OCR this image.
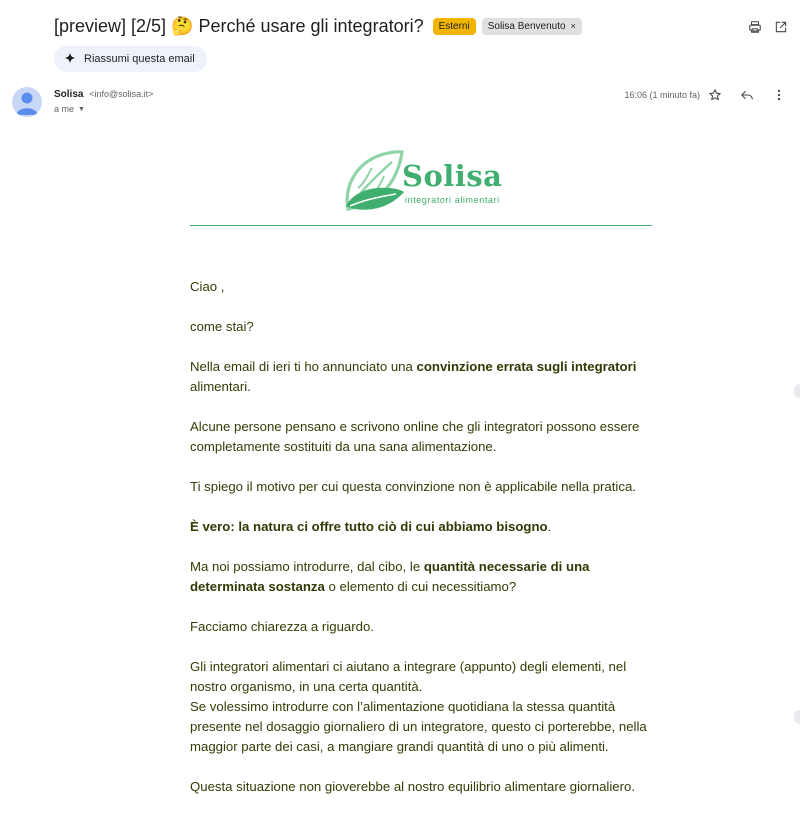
[preview] [2/5] 🤔 Perché usare gli integratori?	Esterni	Solisa Benvenuto ×
Riassumi questa email
Solisa <info@solisa.it>
a me ▼
16:06 (1 minuto fa)
Solisa
integratori alimentari

Ciao ,

come stai?

Nella email di ieri ti ho annunciato una convinzione errata sugli integratori alimentari.

Alcune persone pensano e scrivono online che gli integratori possono essere completamente sostituiti da una sana alimentazione.

Ti spiego il motivo per cui questa convinzione non è applicabile nella pratica.

È vero: la natura ci offre tutto ciò di cui abbiamo bisogno.

Ma noi possiamo introdurre, dal cibo, le quantità necessarie di una determinata sostanza o elemento di cui necessitiamo?

Facciamo chiarezza a riguardo.

Gli integratori alimentari ci aiutano a integrare (appunto) degli elementi, nel nostro organismo, in una certa quantità.
Se volessimo introdurre con l’alimentazione quotidiana la stessa quantità presente nel dosaggio giornaliero di un integratore, questo ci porterebbe, nella maggior parte dei casi, a mangiare grandi quantità di uno o più alimenti.

Questa situazione non gioverebbe al nostro equilibrio alimentare giornaliero.
